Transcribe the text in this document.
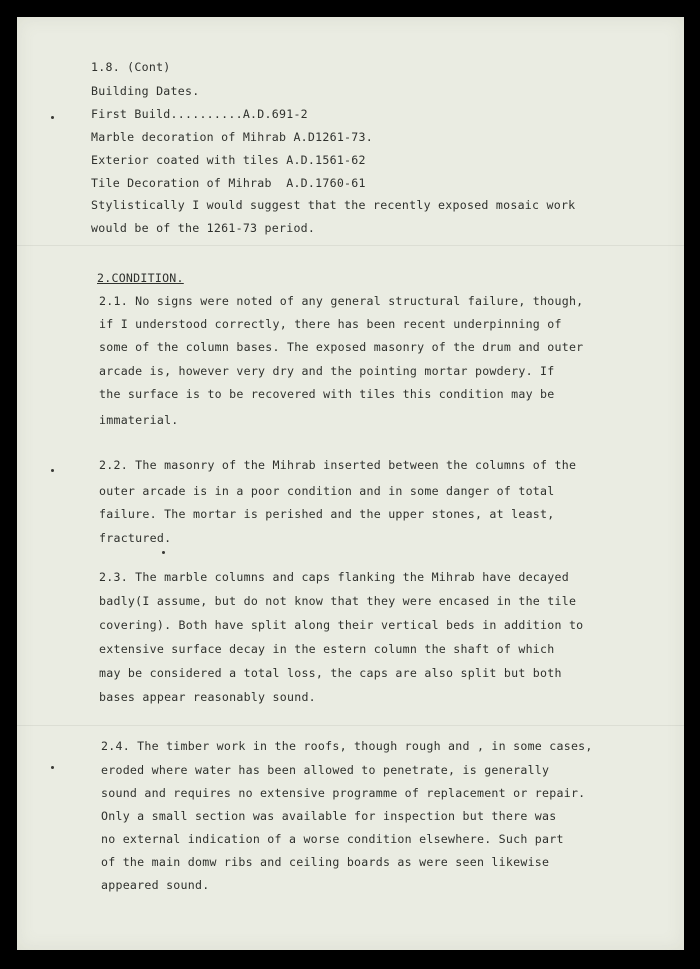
1.8. (Cont)
Building Dates.
First Build..........A.D.691-2
Marble decoration of Mihrab A.D1261-73.
Exterior coated with tiles A.D.1561-62
Tile Decoration of Mihrab  A.D.1760-61
Stylistically I would suggest that the recently exposed mosaic work
would be of the 1261-73 period.
2.CONDITION.
2.1. No signs were noted of any general structural failure, though,
if I understood correctly, there has been recent underpinning of
some of the column bases. The exposed masonry of the drum and outer
arcade is, however very dry and the pointing mortar powdery. If
the surface is to be recovered with tiles this condition may be
immaterial.
2.2. The masonry of the Mihrab inserted between the columns of the
outer arcade is in a poor condition and in some danger of total
failure. The mortar is perished and the upper stones, at least,
fractured.
2.3. The marble columns and caps flanking the Mihrab have decayed
badly(I assume, but do not know that they were encased in the tile
covering). Both have split along their vertical beds in addition to
extensive surface decay in the estern column the shaft of which
may be considered a total loss, the caps are also split but both
bases appear reasonably sound.
2.4. The timber work in the roofs, though rough and , in some cases,
eroded where water has been allowed to penetrate, is generally
sound and requires no extensive programme of replacement or repair.
Only a small section was available for inspection but there was
no external indication of a worse condition elsewhere. Such part
of the main domw ribs and ceiling boards as were seen likewise
appeared sound.
